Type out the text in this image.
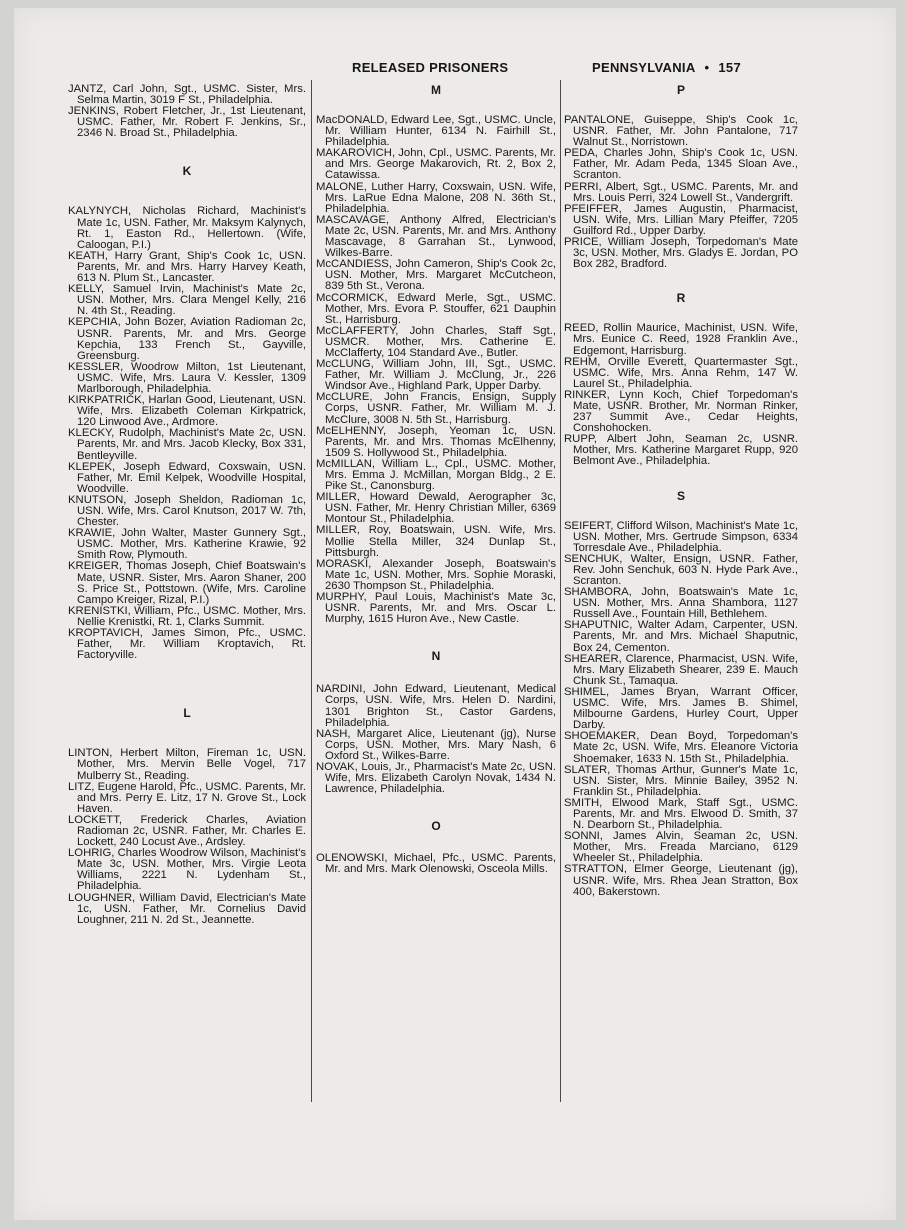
RELEASED PRISONERS	PENNSYLVANIA • 157

JANTZ, Carl John, Sgt., USMC. Sister, Mrs. Selma Martin, 3019 F St., Philadelphia.

JENKINS, Robert Fletcher, Jr., 1st Lieutenant, USMC. Father, Mr. Robert F. Jenkins, Sr., 2346 N. Broad St., Philadelphia.

K

KALYNYCH, Nicholas Richard, Machinist's Mate 1c, USN. Father, Mr. Maksym Kalynych, Rt. 1, Easton Rd., Hellertown. (Wife, Caloogan, P.I.)

KEATH, Harry Grant, Ship's Cook 1c, USN. Parents, Mr. and Mrs. Harry Harvey Keath, 613 N. Plum St., Lancaster.

KELLY, Samuel Irvin, Machinist's Mate 2c, USN. Mother, Mrs. Clara Mengel Kelly, 216 N. 4th St., Reading.

KEPCHIA, John Bozer, Aviation Radioman 2c, USNR. Parents, Mr. and Mrs. George Kepchia, 133 French St., Gayville, Greensburg.

KESSLER, Woodrow Milton, 1st Lieutenant, USMC. Wife, Mrs. Laura V. Kessler, 1309 Marlborough, Philadelphia.

KIRKPATRICK, Harlan Good, Lieutenant, USN. Wife, Mrs. Elizabeth Coleman Kirkpatrick, 120 Linwood Ave., Ardmore.

KLECKY, Rudolph, Machinist's Mate 2c, USN. Parents, Mr. and Mrs. Jacob Klecky, Box 331, Bentleyville.

KLEPEK, Joseph Edward, Coxswain, USN. Father, Mr. Emil Kelpek, Woodville Hospital, Woodville.

KNUTSON, Joseph Sheldon, Radioman 1c, USN. Wife, Mrs. Carol Knutson, 2017 W. 7th, Chester.

KRAWIE, John Walter, Master Gunnery Sgt., USMC. Mother, Mrs. Katherine Krawie, 92 Smith Row, Plymouth.

KREIGER, Thomas Joseph, Chief Boatswain's Mate, USNR. Sister, Mrs. Aaron Shaner, 200 S. Price St., Pottstown. (Wife, Mrs. Caroline Campo Kreiger, Rizal, P.I.)

KRENISTKI, William, Pfc., USMC. Mother, Mrs. Nellie Krenistki, Rt. 1, Clarks Summit.

KROPTAVICH, James Simon, Pfc., USMC. Father, Mr. William Kroptavich, Rt. Factoryville.

L

LINTON, Herbert Milton, Fireman 1c, USN. Mother, Mrs. Mervin Belle Vogel, 717 Mulberry St., Reading.

LITZ, Eugene Harold, Pfc., USMC. Parents, Mr. and Mrs. Perry E. Litz, 17 N. Grove St., Lock Haven.

LOCKETT, Frederick Charles, Aviation Radioman 2c, USNR. Father, Mr. Charles E. Lockett, 240 Locust Ave., Ardsley.

LOHRIG, Charles Woodrow Wilson, Machinist's Mate 3c, USN. Mother, Mrs. Virgie Leota Williams, 2221 N. Lydenham St., Philadelphia.

LOUGHNER, William David, Electrician's Mate 1c, USN. Father, Mr. Cornelius David Loughner, 211 N. 2d St., Jeannette.

M

MacDONALD, Edward Lee, Sgt., USMC. Uncle, Mr. William Hunter, 6134 N. Fairhill St., Philadelphia.

MAKAROVICH, John, Cpl., USMC. Parents, Mr. and Mrs. George Makarovich, Rt. 2, Box 2, Catawissa.

MALONE, Luther Harry, Coxswain, USN. Wife, Mrs. LaRue Edna Malone, 208 N. 36th St., Philadelphia.

MASCAVAGE, Anthony Alfred, Electrician's Mate 2c, USN. Parents, Mr. and Mrs. Anthony Mascavage, 8 Garrahan St., Lynwood, Wilkes-Barre.

McCANDIESS, John Cameron, Ship's Cook 2c, USN. Mother, Mrs. Margaret McCutcheon, 839 5th St., Verona.

McCORMICK, Edward Merle, Sgt., USMC. Mother, Mrs. Evora P. Stouffer, 621 Dauphin St., Harrisburg.

McCLAFFERTY, John Charles, Staff Sgt., USMCR. Mother, Mrs. Catherine E. McClafferty, 104 Standard Ave., Butler.

McCLUNG, William John, III, Sgt., USMC. Father, Mr. William J. McClung, Jr., 226 Windsor Ave., Highland Park, Upper Darby.

McCLURE, John Francis, Ensign, Supply Corps, USNR. Father, Mr. William M. J. McClure, 3008 N. 5th St., Harrisburg.

McELHENNY, Joseph, Yeoman 1c, USN. Parents, Mr. and Mrs. Thomas McElhenny, 1509 S. Hollywood St., Philadelphia.

McMILLAN, William L., Cpl., USMC. Mother, Mrs. Emma J. McMillan, Morgan Bldg., 2 E. Pike St., Canonsburg.

MILLER, Howard Dewald, Aerographer 3c, USN. Father, Mr. Henry Christian Miller, 6369 Montour St., Philadelphia.

MILLER, Roy, Boatswain, USN. Wife, Mrs. Mollie Stella Miller, 324 Dunlap St., Pittsburgh.

MORASKI, Alexander Joseph, Boatswain's Mate 1c, USN. Mother, Mrs. Sophie Moraski, 2630 Thompson St., Philadelphia.

MURPHY, Paul Louis, Machinist's Mate 3c, USNR. Parents, Mr. and Mrs. Oscar L. Murphy, 1615 Huron Ave., New Castle.

N

NARDINI, John Edward, Lieutenant, Medical Corps, USN. Wife, Mrs. Helen D. Nardini, 1301 Brighton St., Castor Gardens, Philadelphia.

NASH, Margaret Alice, Lieutenant (jg), Nurse Corps, USN. Mother, Mrs. Mary Nash, 6 Oxford St., Wilkes-Barre.

NOVAK, Louis, Jr., Pharmacist's Mate 2c, USN. Wife, Mrs. Elizabeth Carolyn Novak, 1434 N. Lawrence, Philadelphia.

O

OLENOWSKI, Michael, Pfc., USMC. Parents, Mr. and Mrs. Mark Olenowski, Osceola Mills.

P

PANTALONE, Guiseppe, Ship's Cook 1c, USNR. Father, Mr. John Pantalone, 717 Walnut St., Norristown.

PEDA, Charles John, Ship's Cook 1c, USN. Father, Mr. Adam Peda, 1345 Sloan Ave., Scranton.

PERRI, Albert, Sgt., USMC. Parents, Mr. and Mrs. Louis Perri, 324 Lowell St., Vandergrift.

PFEIFFER, James Augustin, Pharmacist, USN. Wife, Mrs. Lillian Mary Pfeiffer, 7205 Guilford Rd., Upper Darby.

PRICE, William Joseph, Torpedoman's Mate 3c, USN. Mother, Mrs. Gladys E. Jordan, PO Box 282, Bradford.

R

REED, Rollin Maurice, Machinist, USN. Wife, Mrs. Eunice C. Reed, 1928 Franklin Ave., Edgemont, Harrisburg.

REHM, Orville Everett, Quartermaster Sgt., USMC. Wife, Mrs. Anna Rehm, 147 W. Laurel St., Philadelphia.

RINKER, Lynn Koch, Chief Torpedoman's Mate, USNR. Brother, Mr. Norman Rinker, 237 Summit Ave., Cedar Heights, Conshohocken.

RUPP, Albert John, Seaman 2c, USNR. Mother, Mrs. Katherine Margaret Rupp, 920 Belmont Ave., Philadelphia.

S

SEIFERT, Clifford Wilson, Machinist's Mate 1c, USN. Mother, Mrs. Gertrude Simpson, 6334 Torresdale Ave., Philadelphia.

SENCHUK, Walter, Ensign, USNR. Father, Rev. John Senchuk, 603 N. Hyde Park Ave., Scranton.

SHAMBORA, John, Boatswain's Mate 1c, USN. Mother, Mrs. Anna Shambora, 1127 Russell Ave., Fountain Hill, Bethlehem.

SHAPUTNIC, Walter Adam, Carpenter, USN. Parents, Mr. and Mrs. Michael Shaputnic, Box 24, Cementon.

SHEARER, Clarence, Pharmacist, USN. Wife, Mrs. Mary Elizabeth Shearer, 239 E. Mauch Chunk St., Tamaqua.

SHIMEL, James Bryan, Warrant Officer, USMC. Wife, Mrs. James B. Shimel, Milbourne Gardens, Hurley Court, Upper Darby.

SHOEMAKER, Dean Boyd, Torpedoman's Mate 2c, USN. Wife, Mrs. Eleanore Victoria Shoemaker, 1633 N. 15th St., Philadelphia.

SLATER, Thomas Arthur, Gunner's Mate 1c, USN. Sister, Mrs. Minnie Bailey, 3952 N. Franklin St., Philadelphia.

SMITH, Elwood Mark, Staff Sgt., USMC. Parents, Mr. and Mrs. Elwood D. Smith, 37 N. Dearborn St., Philadelphia.

SONNI, James Alvin, Seaman 2c, USN. Mother, Mrs. Freada Marciano, 6129 Wheeler St., Philadelphia.

STRATTON, Elmer George, Lieutenant (jg), USNR. Wife, Mrs. Rhea Jean Stratton, Box 400, Bakerstown.
